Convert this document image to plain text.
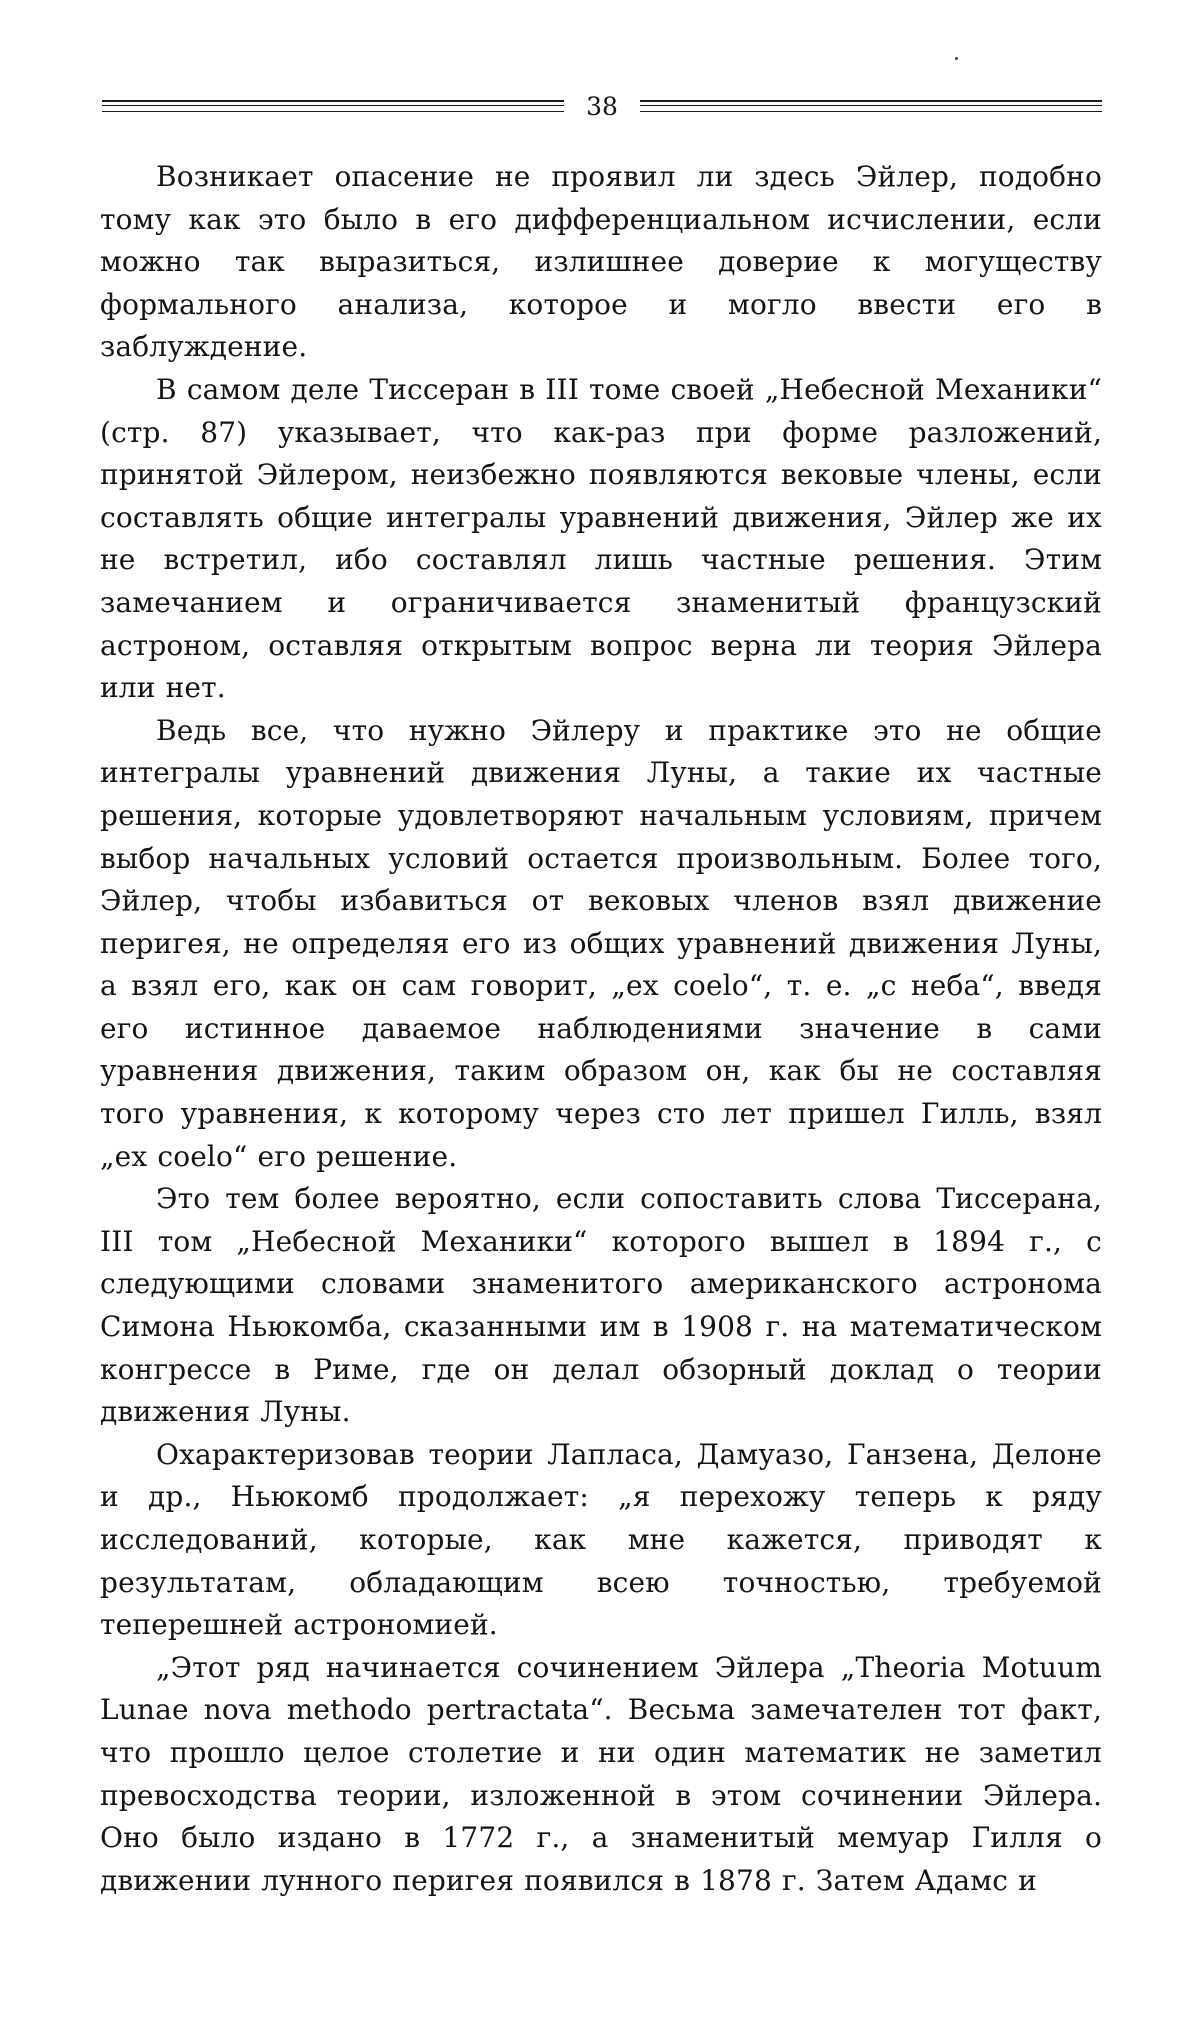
38

Возникает опасение не проявил ли здесь Эйлер, подобно тому как это было в его дифференциальном исчислении, если можно так выразиться, излишнее доверие к могуществу формального анализа, которое и могло ввести его в заблуждение.

В самом деле Тиссеран в III томе своей „Небесной Механики“ (стр. 87) указывает, что как-раз при форме разложений, принятой Эйлером, неизбежно появляются вековые члены, если составлять общие интегралы уравнений движения, Эйлер же их не встретил, ибо составлял лишь частные решения. Этим замечанием и ограничивается знаменитый французский астроном, оставляя открытым вопрос верна ли теория Эйлера или нет.

Ведь все, что нужно Эйлеру и практике это не общие интегралы уравнений движения Луны, а такие их частные решения, которые удовлетворяют начальным условиям, причем выбор начальных условий остается произвольным. Более того, Эйлер, чтобы избавиться от вековых членов взял движение перигея, не определяя его из общих уравнений движения Луны, а взял его, как он сам говорит, „ex coelo“, т. е. „с неба“, введя его истинное даваемое наблюдениями значение в сами уравнения движения, таким образом он, как бы не составляя того уравнения, к которому через сто лет пришел Гилль, взял „ex coelo“ его решение.

Это тем более вероятно, если сопоставить слова Тиссерана, III том „Небесной Механики“ которого вышел в 1894 г., с следующими словами знаменитого американского астронома Симона Ньюкомба, сказанными им в 1908 г. на математическом конгрессе в Риме, где он делал обзорный доклад о теории движения Луны.

Охарактеризовав теории Лапласа, Дамуазо, Ганзена, Делоне и др., Ньюкомб продолжает: „я перехожу теперь к ряду исследований, которые, как мне кажется, приводят к результатам, обладающим всею точностью, требуемой теперешней астрономией.

„Этот ряд начинается сочинением Эйлера „Theoria Motuum Lunae nova methodo pertractata“. Весьма замечателен тот факт, что прошло целое столетие и ни один математик не заметил превосходства теории, изложенной в этом сочинении Эйлера. Оно было издано в 1772 г., а знаменитый мемуар Гилля о движении лунного перигея появился в 1878 г. Затем Адамс и
